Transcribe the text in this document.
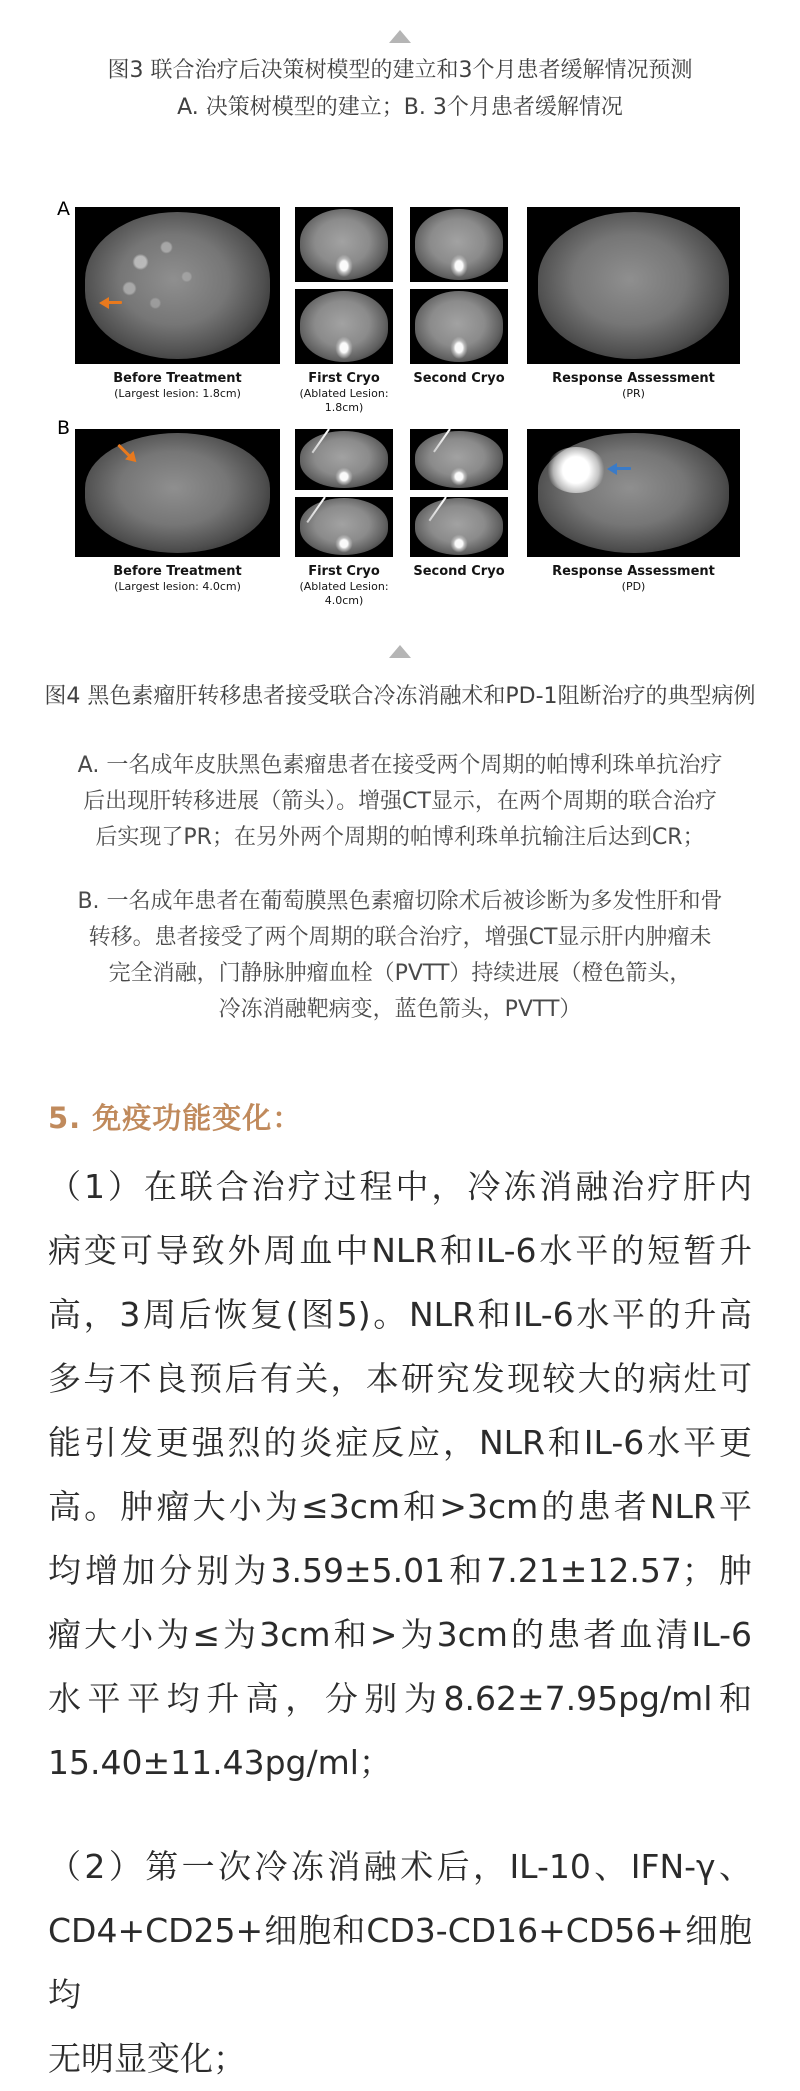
图3 联合治疗后决策树模型的建立和3个月患者缓解情况预测
A. 决策树模型的建立；B. 3个月患者缓解情况
A
Before Treatment
(Largest lesion: 1.8cm)
First Cryo
(Ablated Lesion: 1.8cm)
Second Cryo	Response Assessment
(PR)
B
Before Treatment
(Largest lesion: 4.0cm)
First Cryo
(Ablated Lesion: 4.0cm)
Second Cryo	Response Assessment
(PD)
图4 黑色素瘤肝转移患者接受联合冷冻消融术和PD-1阻断治疗的典型病例
A. 一名成年皮肤黑色素瘤患者在接受两个周期的帕博利珠单抗治疗
后出现肝转移进展（箭头）。增强CT显示，在两个周期的联合治疗
后实现了PR；在另外两个周期的帕博利珠单抗输注后达到CR；
B. 一名成年患者在葡萄膜黑色素瘤切除术后被诊断为多发性肝和骨
转移。患者接受了两个周期的联合治疗，增强CT显示肝内肿瘤未
完全消融，门静脉肿瘤血栓（PVTT）持续进展（橙色箭头，
冷冻消融靶病变，蓝色箭头，PVTT）
5. 免疫功能变化：
（1）在联合治疗过程中，冷冻消融治疗肝内
病变可导致外周血中NLR和IL-6水平的短暂升
高，3周后恢复(图5)。NLR和IL-6水平的升高
多与不良预后有关，本研究发现较大的病灶可
能引发更强烈的炎症反应，NLR和IL-6水平更
高。肿瘤大小为≤3cm和>3cm的患者NLR平
均增加分别为3.59±5.01和7.21±12.57；肿
瘤大小为≤为3cm和>为3cm的患者血清IL-6
水平平均升高，分别为8.62±7.95pg/ml和
15.40±11.43pg/ml；
（2）第一次冷冻消融术后，IL-10、IFN-γ、
CD4+CD25+细胞和CD3-CD16+CD56+细胞均
无明显变化；
